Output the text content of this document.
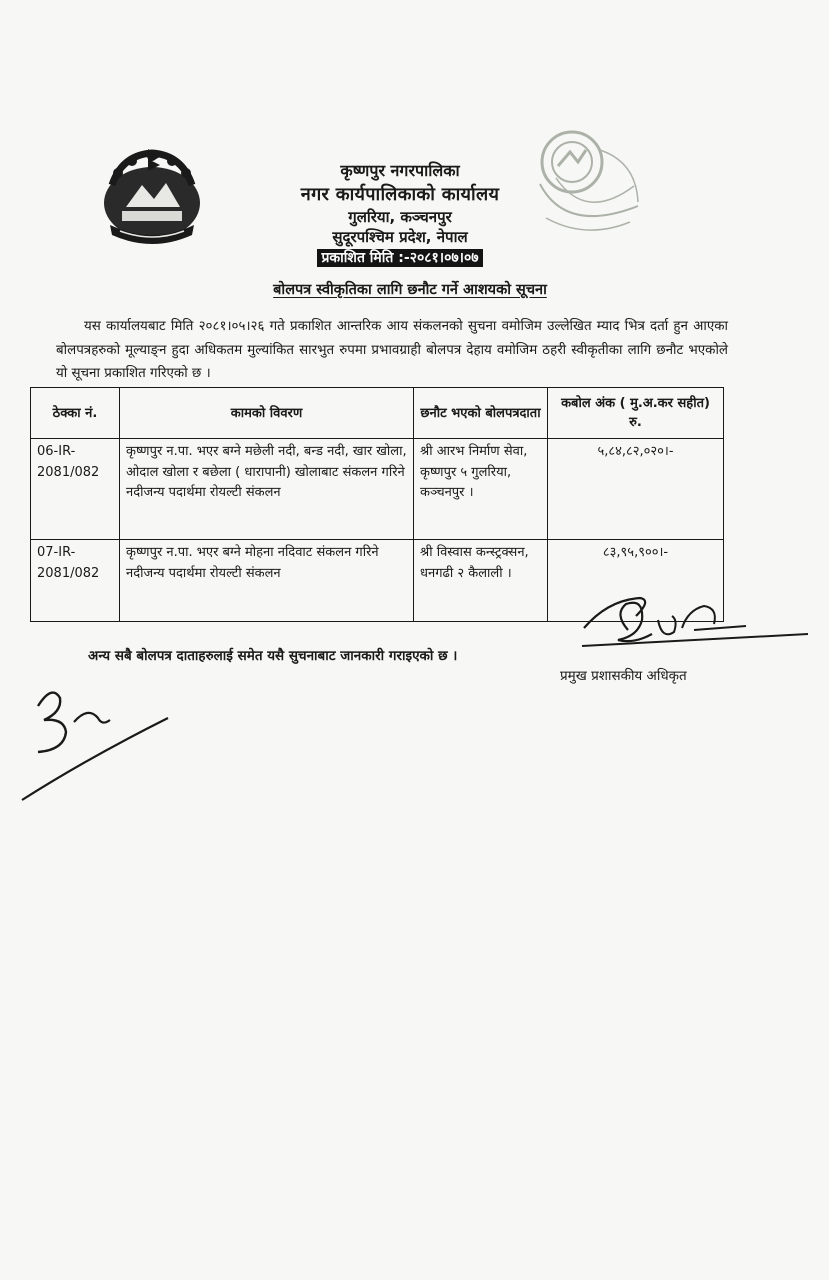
कृष्णपुर नगरपालिका
नगर कार्यपालिकाको कार्यालय
गुलरिया, कञ्चनपुर
सुदूरपश्चिम प्रदेश, नेपाल
प्रकाशित मिति :-२०८१।०७।०७
बोलपत्र स्वीकृतिका लागि छनौट गर्ने आशयको सूचना

यस कार्यालयबाट मिति २०८१।०५।२६ गते प्रकाशित आन्तरिक आय संकलनको सुचना वमोजिम उल्लेखित म्याद भित्र दर्ता हुन आएका बोलपत्रहरुको मूल्याङ्न हुदा अधिकतम मुल्यांकित सारभुत रुपमा प्रभावग्राही बोलपत्र देहाय वमोजिम ठहरी स्वीकृतीका लागि छनौट भएकोले यो सूचना प्रकाशित गरिएको छ ।

ठेक्का नं.	कामको विवरण	छनौट भएको बोलपत्रदाता	कबोल अंक ( मु.अ.कर सहीत) रु.
06-IR-2081/082	कृष्णपुर न.पा. भएर बग्ने मछेली नदी, बन्ड नदी, खार खोला, ओदाल खोला र बछेला ( धारापानी) खोलाबाट संकलन गरिने नदीजन्य पदार्थमा रोयल्टी संकलन	श्री आरभ निर्माण सेवा, कृष्णपुर ५ गुलरिया, कञ्चनपुर ।	५,८४,८२,०२०।-
07-IR-2081/082	कृष्णपुर न.पा. भएर बग्ने मोहना नदिवाट संकलन गरिने नदीजन्य पदार्थमा रोयल्टी संकलन	श्री विस्वास कन्स्ट्रक्सन, धनगढी २ कैलाली ।	८३,९५,९००।-
अन्य सबै बोलपत्र दाताहरुलाई समेत यसै सुचनाबाट जानकारी गराइएको छ ।
प्रमुख प्रशासकीय अधिकृत
